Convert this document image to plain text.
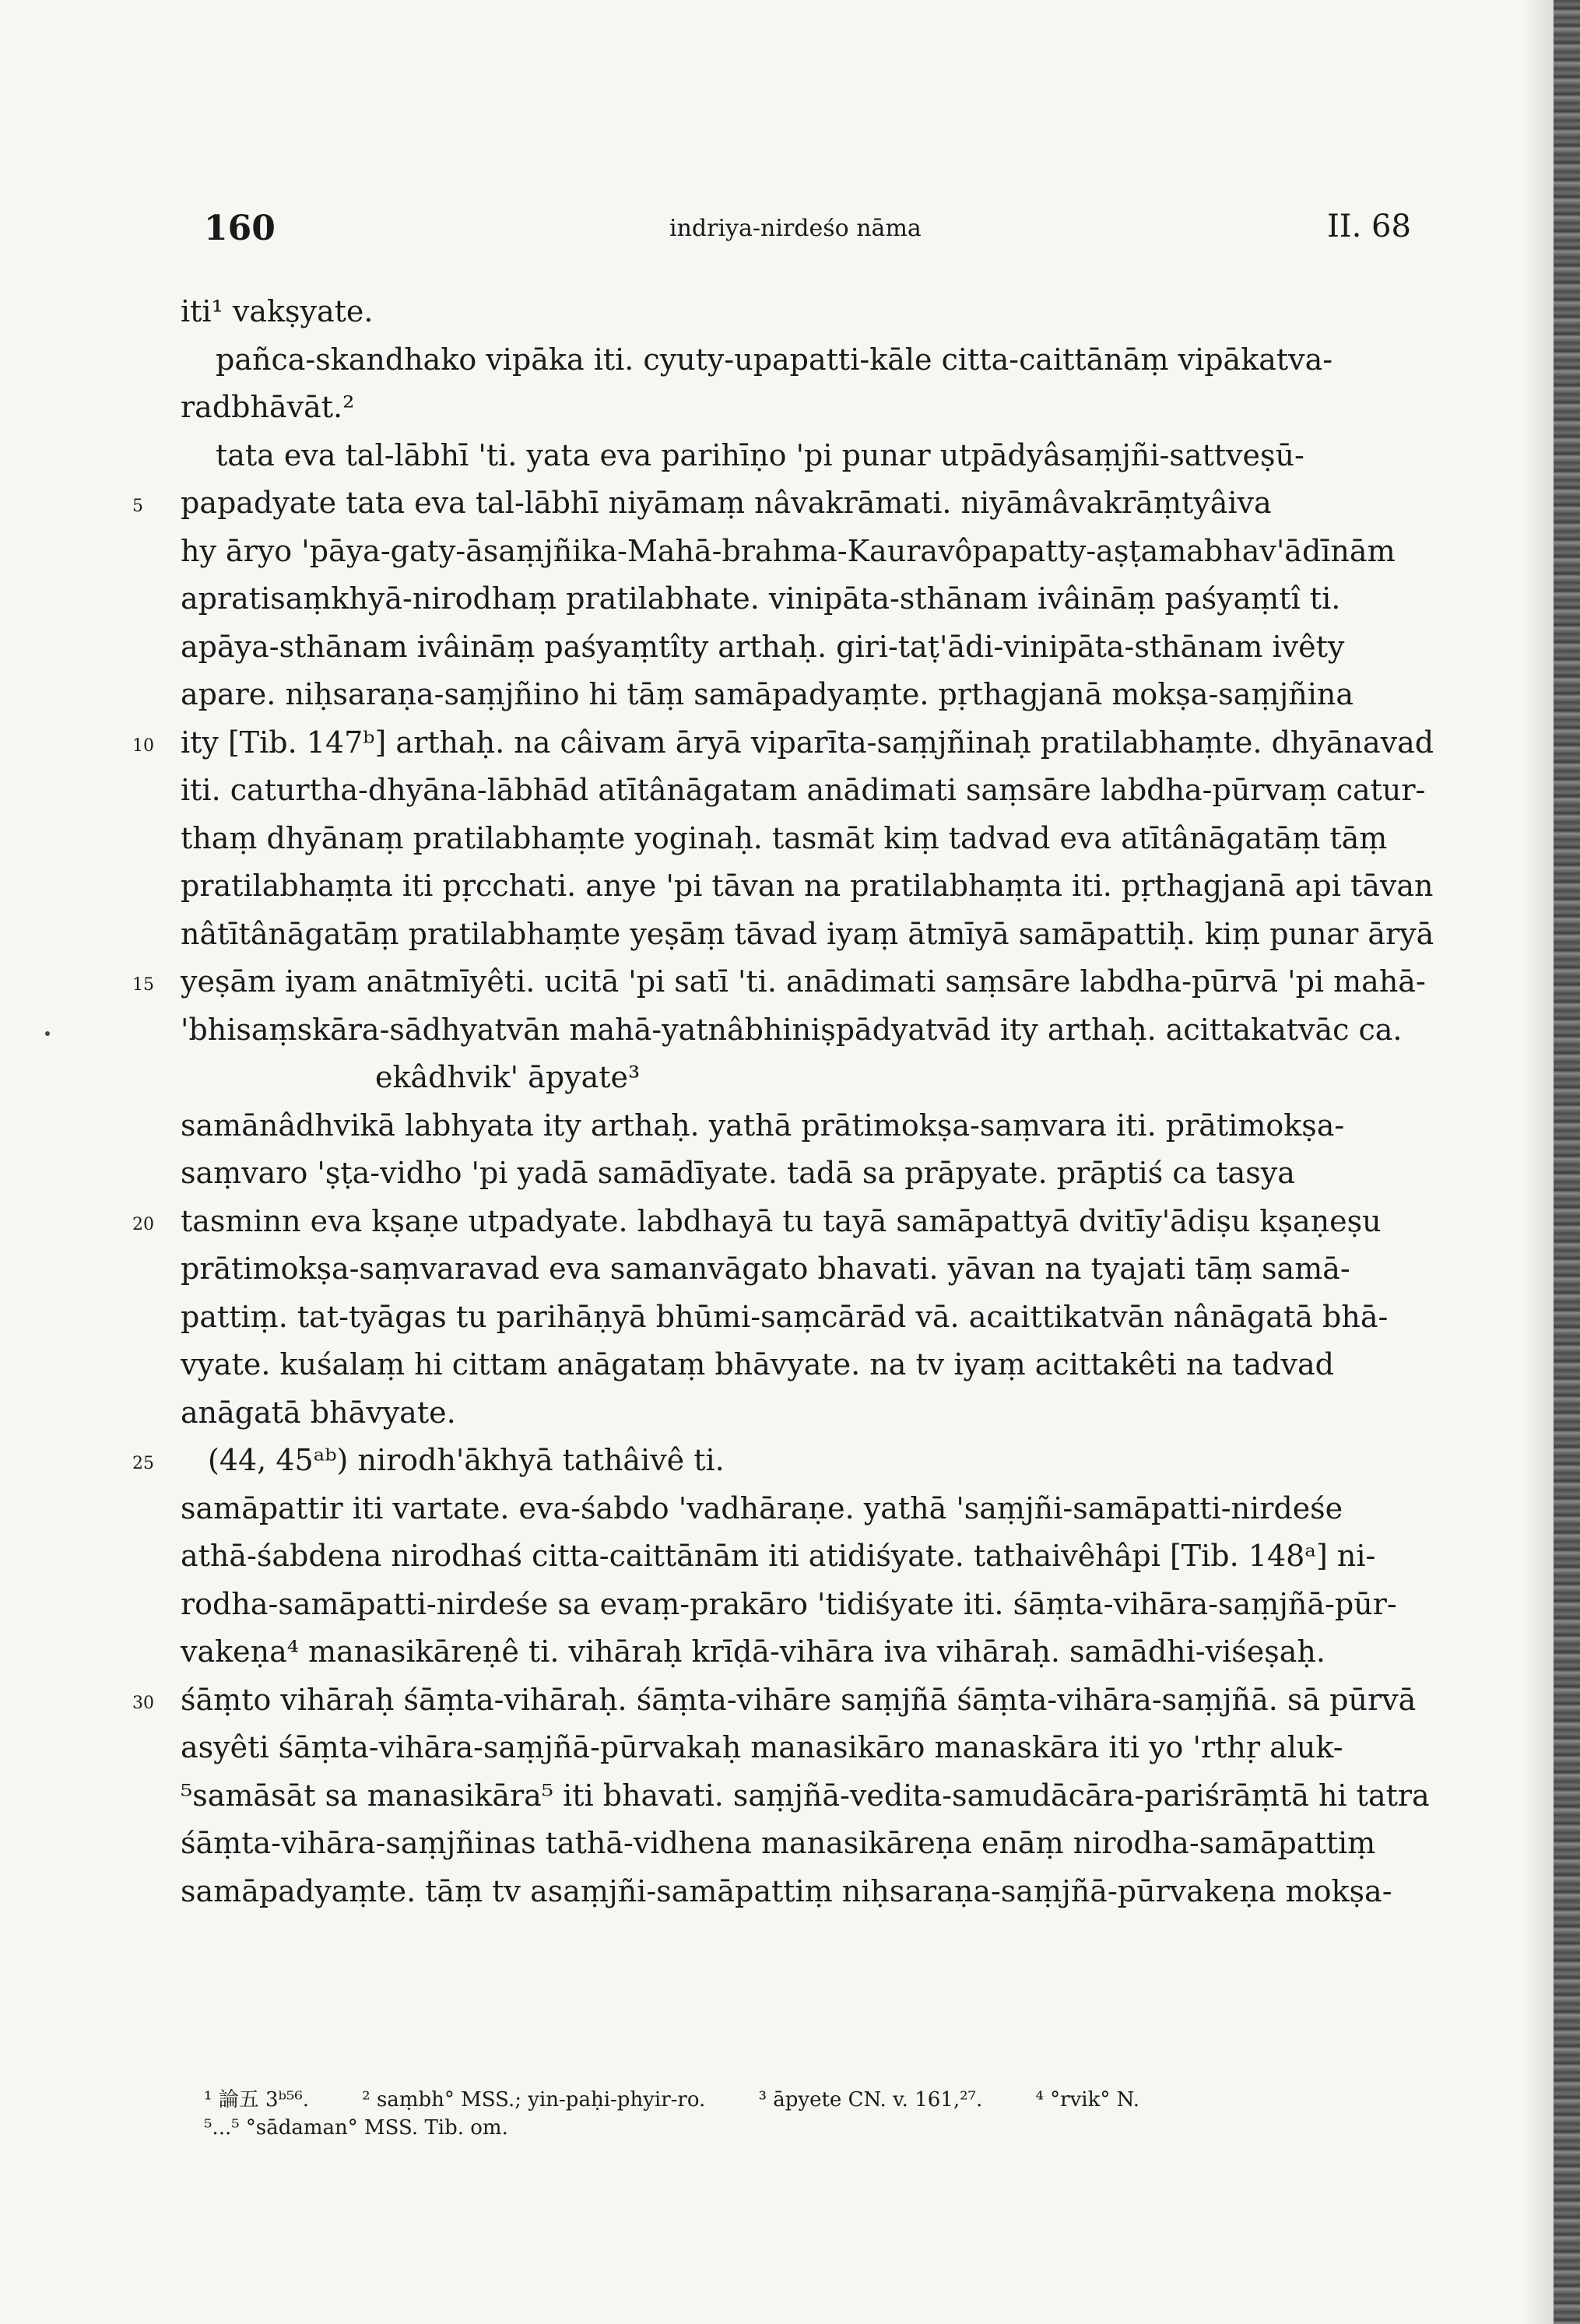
160	indriya-nirdeśo nāma	II. 68
iti¹ vakṣyate.
pañca-skandhako vipāka iti. cyuty-upapatti-kāle citta-caittānāṃ vipākatva-
radbhāvāt.²
tata eva tal-lābhī 'ti. yata eva parihīṇo 'pi punar utpādyâsaṃjñi-sattveṣū-
5	papadyate tata eva tal-lābhī niyāmaṃ nâvakrāmati. niyāmâvakrāṃtyâiva
hy āryo 'pāya-gaty-āsaṃjñika-Mahā-brahma-Kauravôpapatty-aṣṭamabhav'ādīnām
apratisaṃkhyā-nirodhaṃ pratilabhate. vinipāta-sthānam ivâināṃ paśyaṃtî ti.
apāya-sthānam ivâināṃ paśyaṃtîty arthaḥ. giri-taṭ'ādi-vinipāta-sthānam ivêty
apare. niḥsaraṇa-saṃjñino hi tāṃ samāpadyaṃte. pṛthagjanā mokṣa-saṃjñina
10 ity [Tib. 147ᵇ] arthaḥ. na câivam āryā viparīta-saṃjñinaḥ pratilabhaṃte. dhyānavad
iti. caturtha-dhyāna-lābhād atītânāgatam anādimati saṃsāre labdha-pūrvaṃ catur-
thaṃ dhyānaṃ pratilabhaṃte yoginaḥ. tasmāt kiṃ tadvad eva atītânāgatāṃ tāṃ
pratilabhaṃta iti pṛcchati. anye 'pi tāvan na pratilabhaṃta iti. pṛthagjanā api tāvan
nâtītânāgatāṃ pratilabhaṃte yeṣāṃ tāvad iyaṃ ātmīyā samāpattiḥ. kiṃ punar āryā
15 yeṣām iyam anātmīyêti. ucitā 'pi satī 'ti. anādimati saṃsāre labdha-pūrvā 'pi mahā-
'bhisaṃskāra-sādhyatvān mahā-yatnâbhiniṣpādyatvād ity arthaḥ. acittakatvāc ca.
ekâdhvik' āpyate³
samānâdhvikā labhyata ity arthaḥ. yathā prātimokṣa-saṃvara iti. prātimokṣa-
saṃvaro 'ṣṭa-vidho 'pi yadā samādīyate. tadā sa prāpyate. prāptiś ca tasya
20 tasminn eva kṣaṇe utpadyate. labdhayā tu tayā samāpattyā dvitīy'ādiṣu kṣaṇeṣu
prātimokṣa-saṃvaravad eva samanvāgato bhavati. yāvan na tyajati tāṃ samā-
pattiṃ. tat-tyāgas tu parihāṇyā bhūmi-saṃcārād vā. acaittikatvān nânāgatā bhā-
vyate. kuśalaṃ hi cittam anāgataṃ bhāvyate. na tv iyaṃ acittakêti na tadvad
anāgatā bhāvyate.
25	(44, 45ᵃᵇ) nirodh'ākhyā tathâivê ti.
samāpattir iti vartate. eva-śabdo 'vadhāraṇe. yathā 'saṃjñi-samāpatti-nirdeśe
athā-śabdena nirodhaś citta-caittānām iti atidiśyate. tathaivêhâpi [Tib. 148ᵃ] ni-
rodha-samāpatti-nirdeśe sa evaṃ-prakāro 'tidiśyate iti. śāṃta-vihāra-saṃjñā-pūr-
vakeṇa⁴ manasikāreṇê ti. vihāraḥ krīḍā-vihāra iva vihāraḥ. samādhi-viśeṣaḥ.
30 śāṃto vihāraḥ śāṃta-vihāraḥ. śāṃta-vihāre saṃjñā śāṃta-vihāra-saṃjñā. sā pūrvā
asyêti śāṃta-vihāra-saṃjñā-pūrvakaḥ manasikāro manaskāra iti yo 'rthṛ aluk-
⁵samāsāt sa manasikāra⁵ iti bhavati. saṃjñā-vedita-samudācāra-pariśrāṃtā hi tatra
śāṃta-vihāra-saṃjñinas tathā-vidhena manasikāreṇa enāṃ nirodha-samāpattiṃ
samāpadyaṃte. tāṃ tv asaṃjñi-samāpattiṃ niḥsaraṇa-saṃjñā-pūrvakeṇa mokṣa-
¹ 論五 3ᵇ⁵⁶.	² saṃbh° MSS.; yin-paḥi-phyir-ro.	³ āpyete CN. v. 161,²⁷.	⁴ °rvik° N.
⁵...⁵ °sādaman° MSS. Tib. om.
